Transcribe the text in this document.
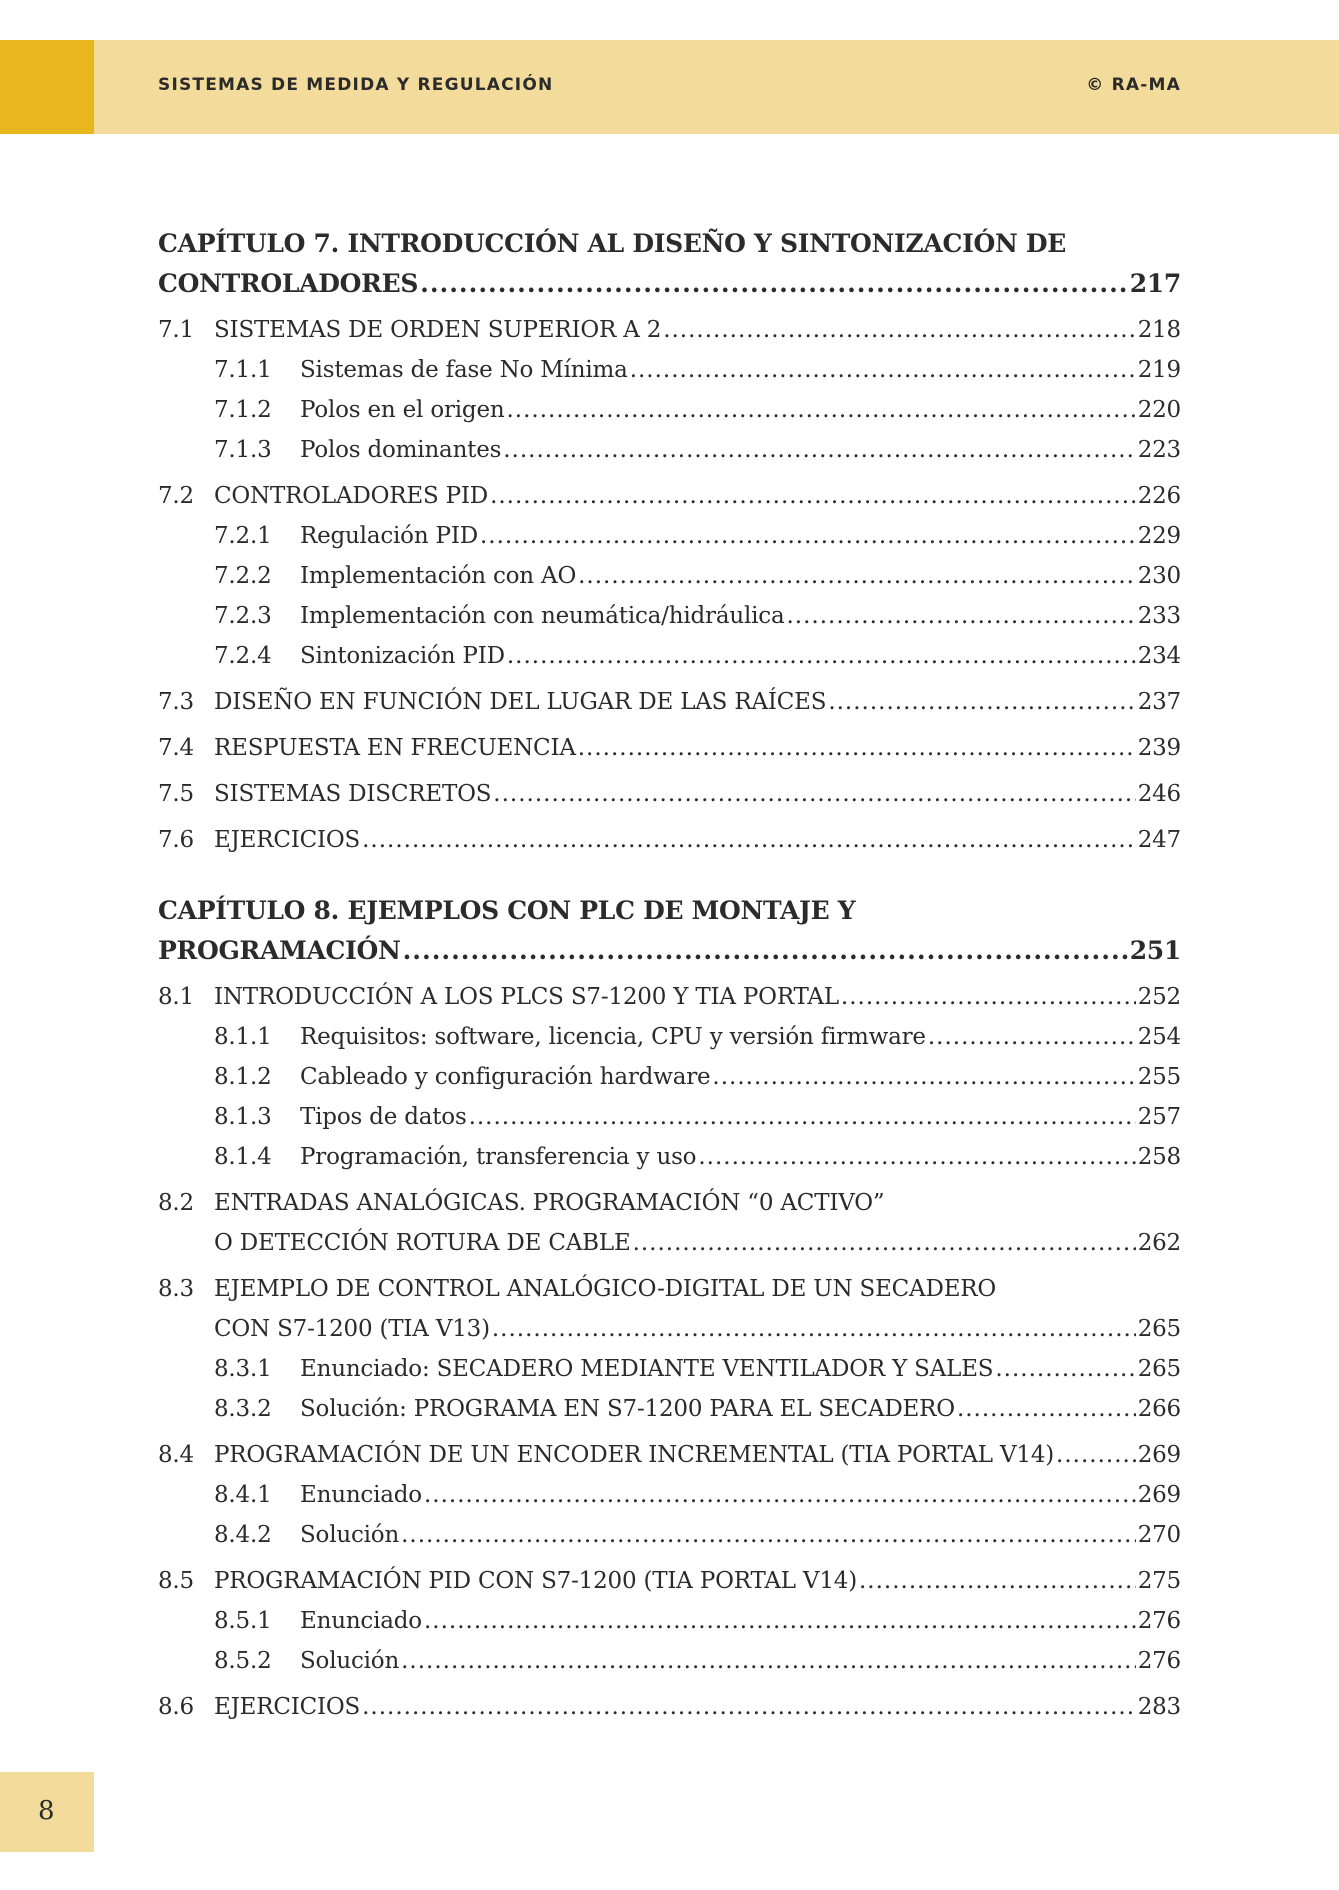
SISTEMAS DE MEDIDA Y REGULACIÓN	© RA-MA
CAPÍTULO 7. INTRODUCCIÓN AL DISEÑO Y SINTONIZACIÓN DE
CONTROLADORES .....	217
7.1 SISTEMAS DE ORDEN SUPERIOR A 2 .....	218
7.1.1	Sistemas de fase No Mínima .....	219
7.1.2	Polos en el origen .....	220
7.1.3	Polos dominantes .....	223
7.2 CONTROLADORES PID .....	226
7.2.1	Regulación PID .....	229
7.2.2	Implementación con AO .....	230
7.2.3	Implementación con neumática/hidráulica .....	233
7.2.4	Sintonización PID .....	234
7.3 DISEÑO EN FUNCIÓN DEL LUGAR DE LAS RAÍCES .....	237
7.4 RESPUESTA EN FRECUENCIA .....	239
7.5 SISTEMAS DISCRETOS .....	246
7.6 EJERCICIOS .....	247
CAPÍTULO 8. EJEMPLOS CON PLC DE MONTAJE Y
PROGRAMACIÓN .....	251
8.1 INTRODUCCIÓN A LOS PLCS S7-1200 Y TIA PORTAL .....	252
8.1.1	Requisitos: software, licencia, CPU y versión firmware .....	254
8.1.2	Cableado y configuración hardware .....	255
8.1.3	Tipos de datos .....	257
8.1.4	Programación, transferencia y uso .....	258
8.2 ENTRADAS ANALÓGICAS. PROGRAMACIÓN “0 ACTIVO”
O DETECCIÓN ROTURA DE CABLE .....	262
8.3 EJEMPLO DE CONTROL ANALÓGICO-DIGITAL DE UN SECADERO
CON S7-1200 (TIA V13) .....	265
8.3.1	Enunciado: SECADERO MEDIANTE VENTILADOR Y SALES .....	265
8.3.2	Solución: PROGRAMA EN S7-1200 PARA EL SECADERO .....	266
8.4 PROGRAMACIÓN DE UN ENCODER INCREMENTAL (TIA PORTAL V14) .....	269
8.4.1	Enunciado .....	269
8.4.2	Solución .....	270
8.5 PROGRAMACIÓN PID CON S7-1200 (TIA PORTAL V14) .....	275
8.5.1	Enunciado .....	276
8.5.2	Solución .....	276
8.6 EJERCICIOS .....	283
8
